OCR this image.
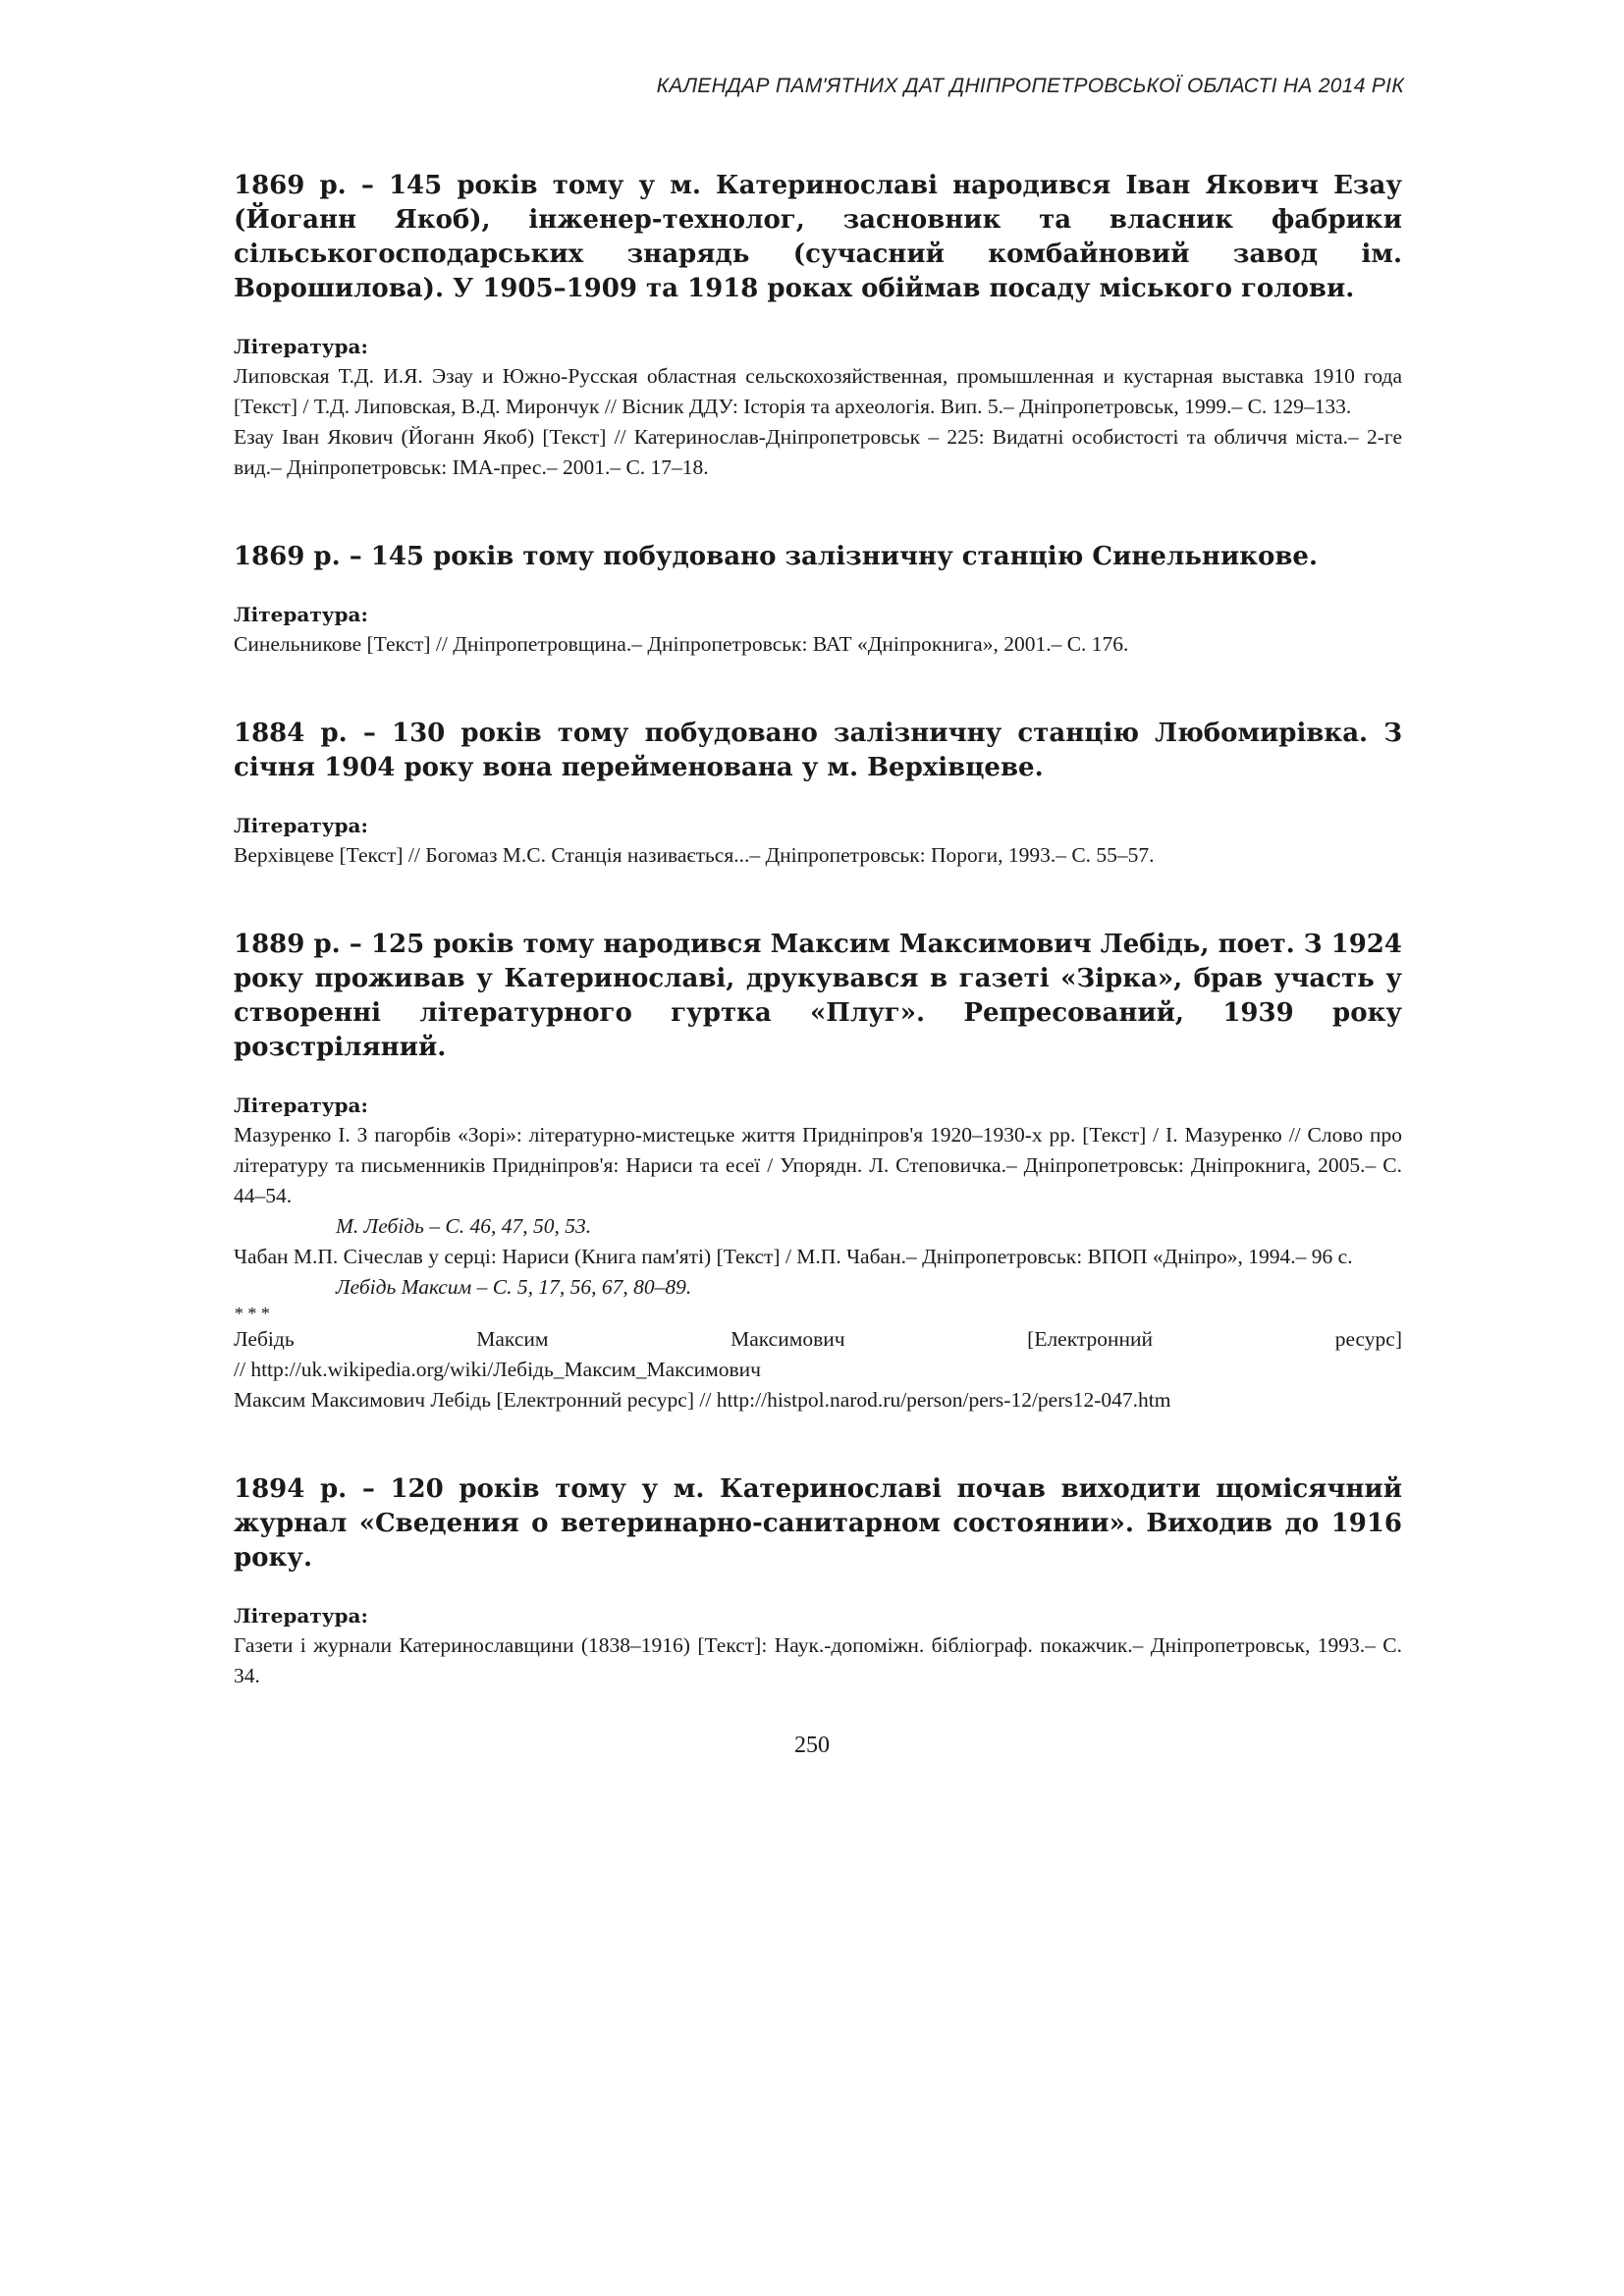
КАЛЕНДАР ПАМ'ЯТНИХ ДАТ ДНІПРОПЕТРОВСЬКОЇ ОБЛАСТІ НА 2014 РІК

1869 р. – 145 років тому у м. Катеринославі народився Іван Якович Езау (Йоганн Якоб), інженер-технолог, засновник та власник фабрики сільськогосподарських знарядь (сучасний комбайновий завод ім. Ворошилова). У 1905–1909 та 1918 роках обіймав посаду міського голови.

Література:

Липовская Т.Д. И.Я. Эзау и Южно-Русская областная сельскохозяйственная, промышленная и кустарная выставка 1910 года [Текст] / Т.Д. Липовская, В.Д. Мирончук // Вісник ДДУ: Історія та археологія. Вип. 5.– Дніпропетровськ, 1999.– С. 129–133.

Езау Іван Якович (Йоганн Якоб) [Текст] // Катеринослав-Дніпропетровськ – 225: Видатні особистості та обличчя міста.– 2-ге вид.– Дніпропетровськ: ІМА-прес.– 2001.– С. 17–18.

1869 р. – 145 років тому побудовано залізничну станцію Синельникове.

Література:

Синельникове [Текст] // Дніпропетровщина.– Дніпропетровськ: ВАТ «Дніпрокнига», 2001.– С. 176.

1884 р. – 130 років тому побудовано залізничну станцію Любомирівка. З січня 1904 року вона перейменована у м. Верхівцеве.

Література:

Верхівцеве [Текст] // Богомаз М.С. Станція називається...– Дніпропетровськ: Пороги, 1993.– С. 55–57.

1889 р. – 125 років тому народився Максим Максимович Лебідь, поет. З 1924 року проживав у Катеринославі, друкувався в газеті «Зірка», брав участь у створенні літературного гуртка «Плуг». Репресований, 1939 року розстріляний.

Література:

Мазуренко І. З пагорбів «Зорі»: літературно-мистецьке життя Придніпров'я 1920–1930-х рр. [Текст] / І. Мазуренко // Слово про літературу та письменників Придніпров'я: Нариси та есеї / Упорядн. Л. Степовичка.– Дніпропетровськ: Дніпрокнига, 2005.– С. 44–54.

М. Лебідь – С. 46, 47, 50, 53.

Чабан М.П. Січеслав у серці: Нариси (Книга пам'яті) [Текст] / М.П. Чабан.– Дніпропетровськ: ВПОП «Дніпро», 1994.– 96 с.

Лебідь Максим – С. 5, 17, 56, 67, 80–89.

* * *

Лебідь	Максим	Максимович	[Електронний	ресурс]

// http://uk.wikipedia.org/wiki/Лебідь_Максим_Максимович

Максим Максимович Лебідь [Електронний ресурс] // http://histpol.narod.ru/person/pers-12/pers12-047.htm

1894 р. – 120 років тому у м. Катеринославі почав виходити щомісячний журнал «Сведения о ветеринарно-санитарном состоянии». Виходив до 1916 року.

Література:

Газети і журнали Катеринославщини (1838–1916) [Текст]: Наук.-допоміжн. бібліограф. покажчик.– Дніпропетровськ, 1993.– С. 34.

250
